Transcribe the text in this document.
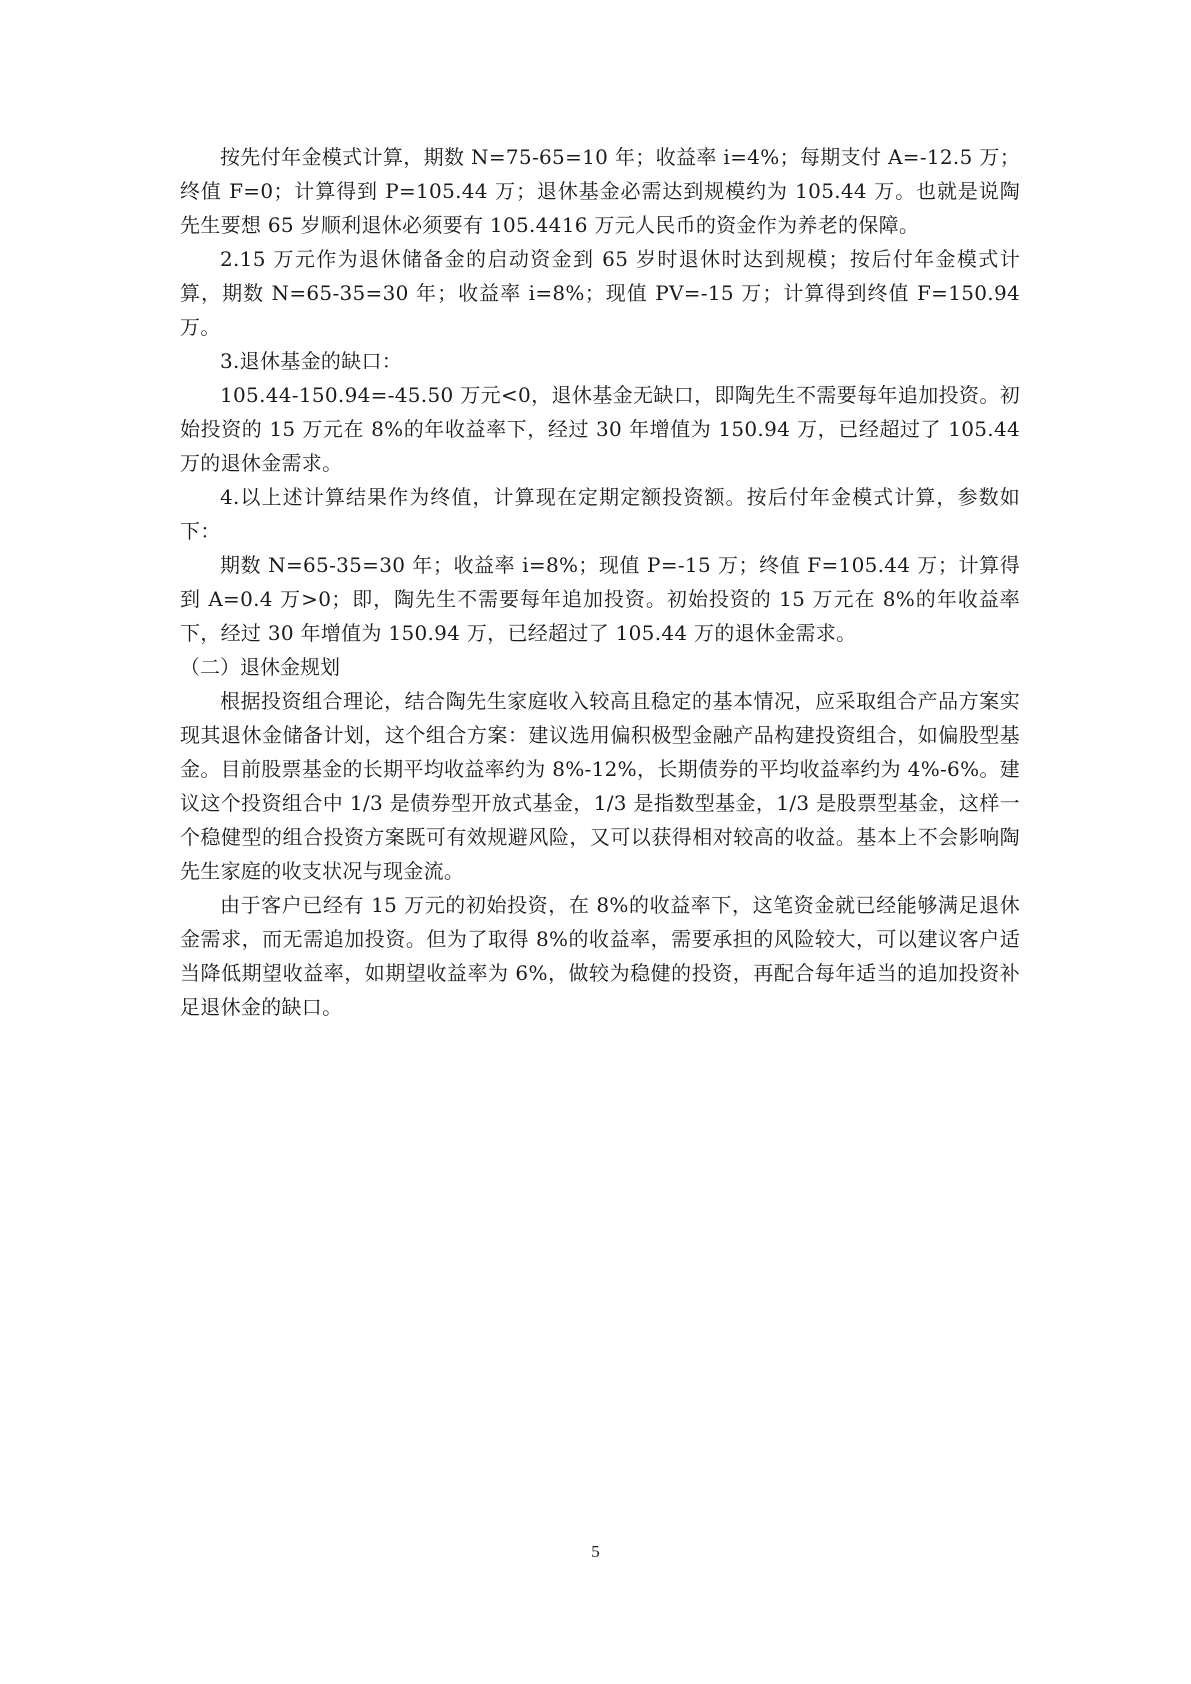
按先付年金模式计算，期数 N=75-65=10 年；收益率 i=4%；每期支付 A=-12.5 万；终值 F=0；计算得到 P=105.44 万；退休基金必需达到规模约为 105.44 万。也就是说陶先生要想 65 岁顺利退休必须要有 105.4416 万元人民币的资金作为养老的保障。

2.15 万元作为退休储备金的启动资金到 65 岁时退休时达到规模；按后付年金模式计算，期数 N=65-35=30 年；收益率 i=8%；现值 PV=-15 万；计算得到终值 F=150.94 万。

3.退休基金的缺口：

105.44-150.94=-45.50 万元<0，退休基金无缺口，即陶先生不需要每年追加投资。初始投资的 15 万元在 8%的年收益率下，经过 30 年增值为 150.94 万，已经超过了 105.44 万的退休金需求。

4.以上述计算结果作为终值，计算现在定期定额投资额。按后付年金模式计算，参数如下：

期数 N=65-35=30 年；收益率 i=8%；现值 P=-15 万；终值 F=105.44 万；计算得到 A=0.4 万>0；即，陶先生不需要每年追加投资。初始投资的 15 万元在 8%的年收益率下，经过 30 年增值为 150.94 万，已经超过了 105.44 万的退休金需求。

（二）退休金规划

根据投资组合理论，结合陶先生家庭收入较高且稳定的基本情况，应采取组合产品方案实现其退休金储备计划，这个组合方案：建议选用偏积极型金融产品构建投资组合，如偏股型基金。目前股票基金的长期平均收益率约为 8%-12%，长期债券的平均收益率约为 4%-6%。建议这个投资组合中 1/3 是债券型开放式基金，1/3 是指数型基金，1/3 是股票型基金，这样一个稳健型的组合投资方案既可有效规避风险，又可以获得相对较高的收益。基本上不会影响陶先生家庭的收支状况与现金流。

由于客户已经有 15 万元的初始投资，在 8%的收益率下，这笔资金就已经能够满足退休金需求，而无需追加投资。但为了取得 8%的收益率，需要承担的风险较大，可以建议客户适当降低期望收益率，如期望收益率为 6%，做较为稳健的投资，再配合每年适当的追加投资补足退休金的缺口。

5
